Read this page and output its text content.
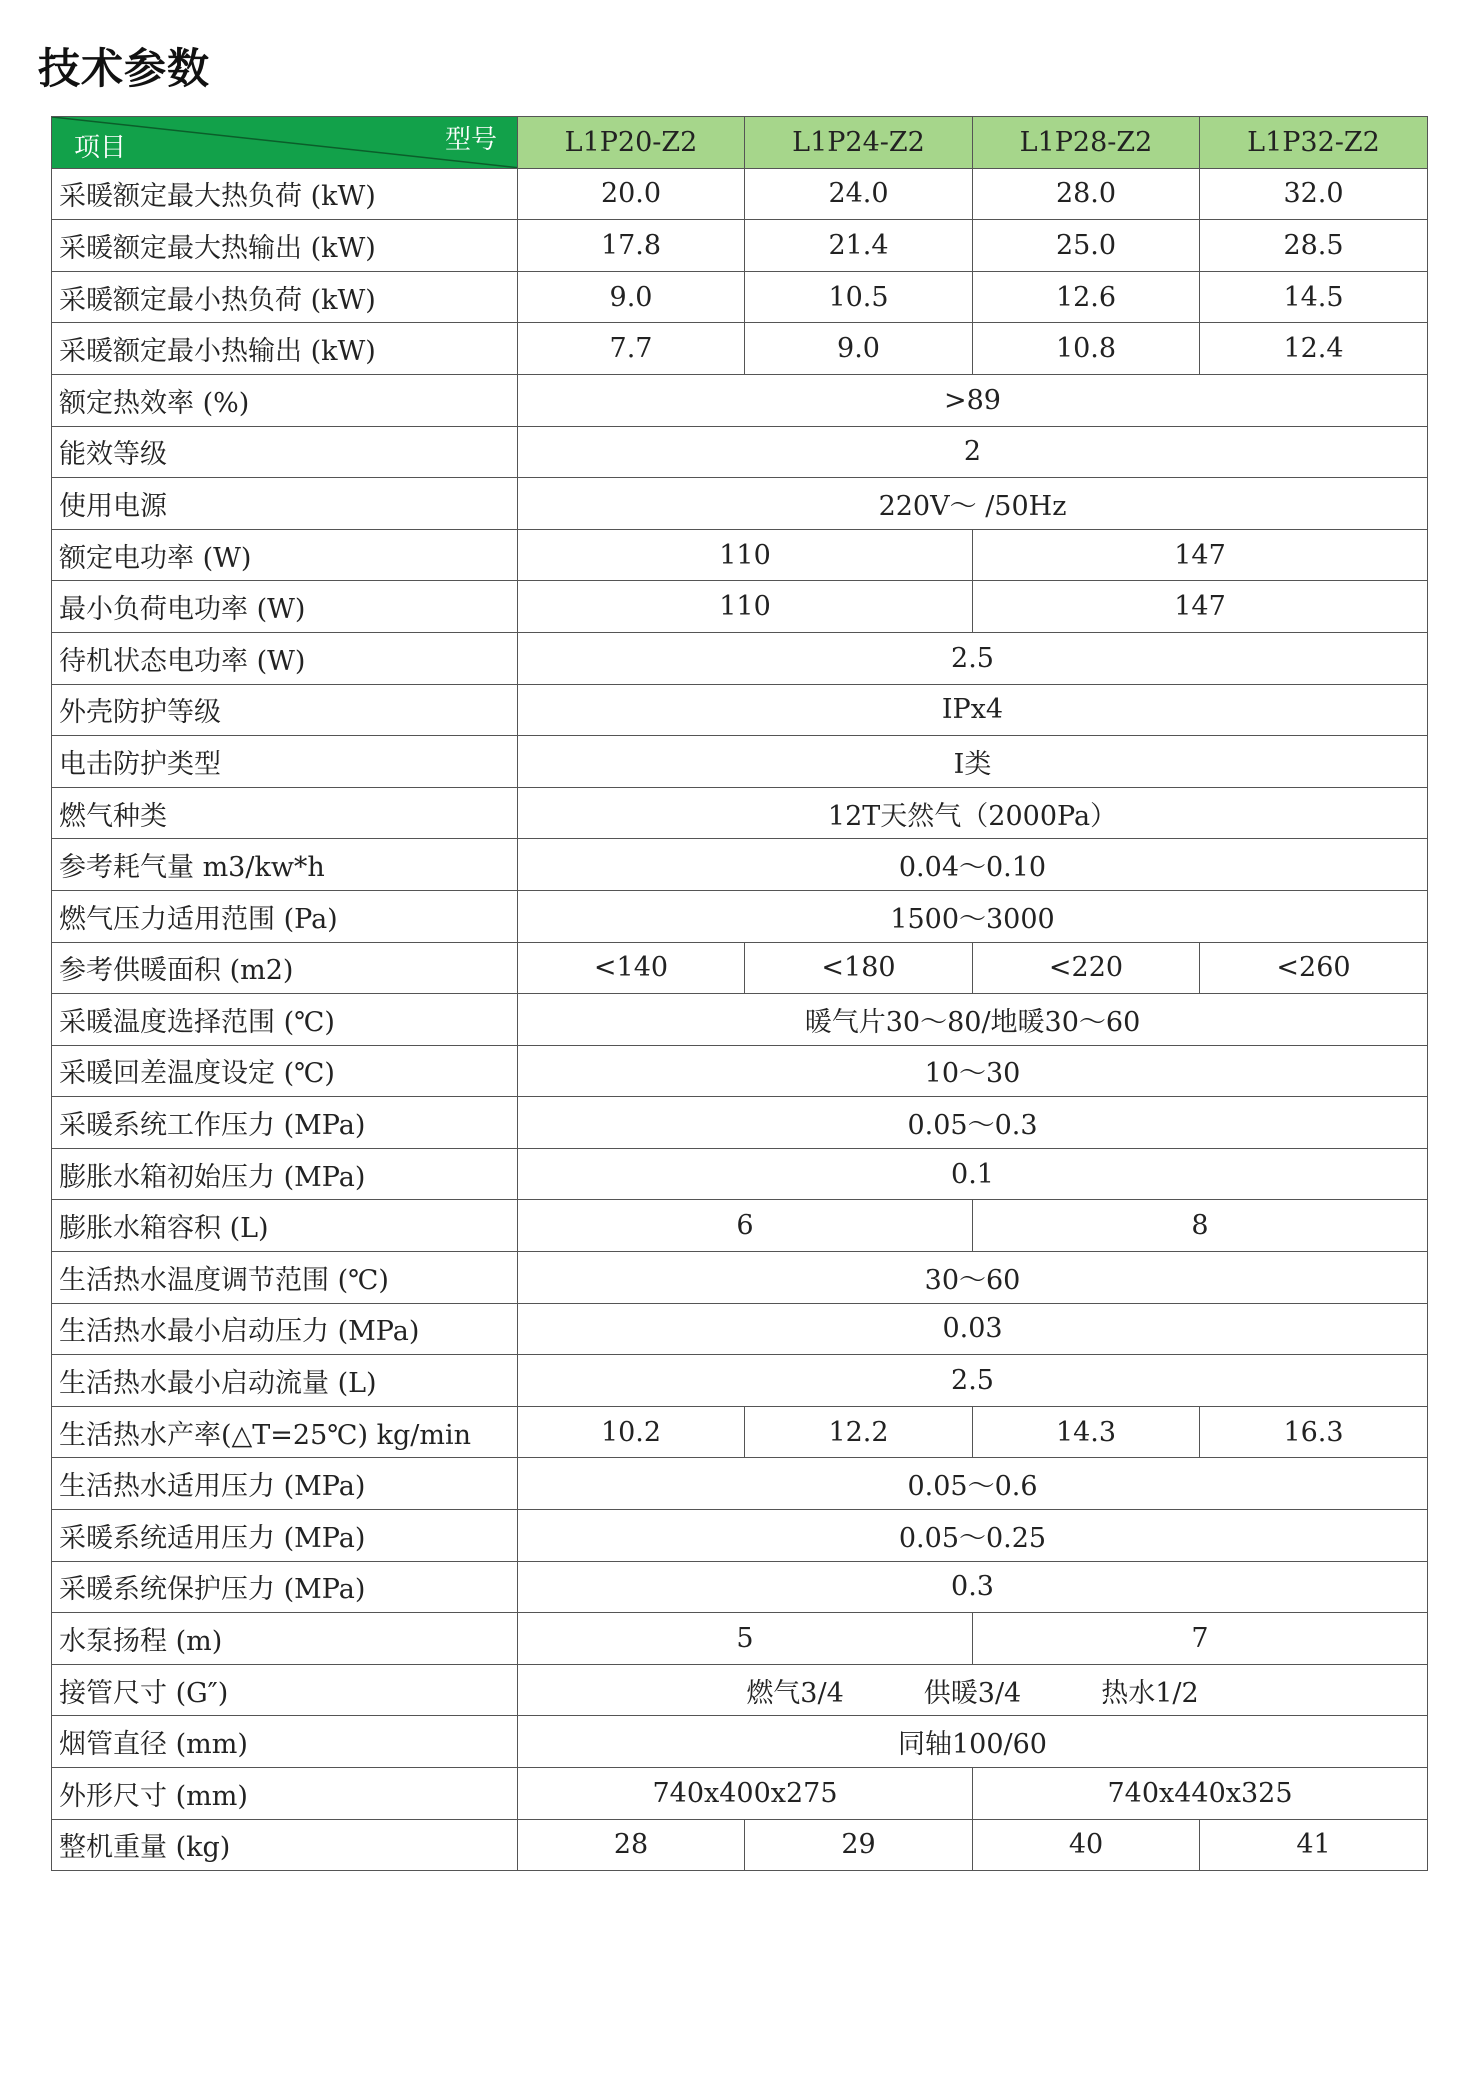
技术参数
项目 型号	L1P20-Z2	L1P24-Z2	L1P28-Z2	L1P32-Z2
采暖额定最大热负荷 (kW)	20.0	24.0	28.0	32.0
采暖额定最大热输出 (kW)	17.8	21.4	25.0	28.5
采暖额定最小热负荷 (kW)	9.0	10.5	12.6	14.5
采暖额定最小热输出 (kW)	7.7	9.0	10.8	12.4
额定热效率 (%)	>89			
能效等级	2			
使用电源	220V～ /50Hz			
额定电功率 (W)	110		147	
最小负荷电功率 (W)	110		147	
待机状态电功率 (W)	2.5			
外壳防护等级	IPx4			
电击防护类型	I类			
燃气种类	12T天然气（2000Pa）			
参考耗气量 m3/kw*h	0.04～0.10			
燃气压力适用范围 (Pa)	1500～3000			
参考供暖面积 (m2)	<140	<180	<220	<260
采暖温度选择范围 (℃)	暖气片30～80/地暖30～60			
采暖回差温度设定 (℃)	10～30			
采暖系统工作压力 (MPa)	0.05～0.3			
膨胀水箱初始压力 (MPa)	0.1			
膨胀水箱容积 (L)	6		8	
生活热水温度调节范围 (℃)	30～60			
生活热水最小启动压力 (MPa)	0.03			
生活热水最小启动流量 (L)	2.5			
生活热水产率(△T=25℃) kg/min	10.2	12.2	14.3	16.3
生活热水适用压力 (MPa)	0.05～0.6			
采暖系统适用压力 (MPa)	0.05～0.25			
采暖系统保护压力 (MPa)	0.3			
水泵扬程 (m)	5		7	
接管尺寸 (G″)	燃气3/4 供暖3/4 热水1/2			
烟管直径 (mm)	同轴100/60			
外形尺寸 (mm)	740x400x275		740x440x325	
整机重量 (kg)	28	29	40	41
